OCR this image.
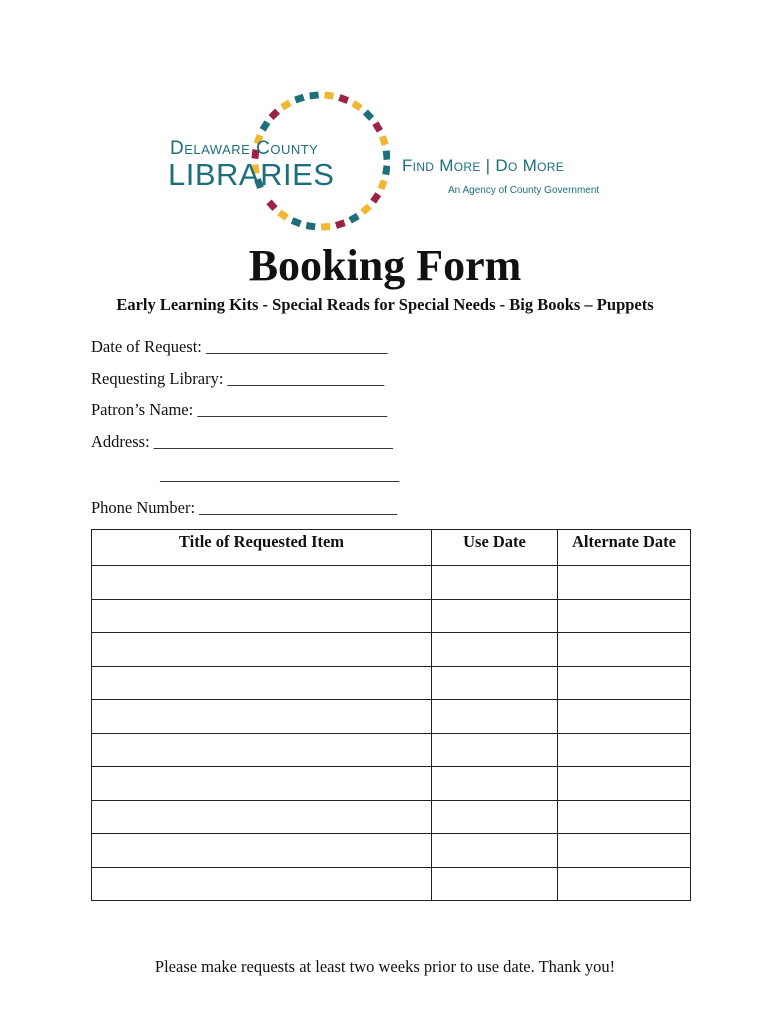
Delaware County
LIBRARIES	Find More | Do More
An Agency of County Government
Booking Form
Early Learning Kits - Special Reads for Special Needs - Big Books – Puppets
Date of Request: ______________________
Requesting Library: ___________________
Patron’s Name: _______________________
Address: _____________________________
_____________________________
Phone Number: ________________________
Title of Requested Item	Use Date	Alternate Date

Please make requests at least two weeks prior to use date. Thank you!
